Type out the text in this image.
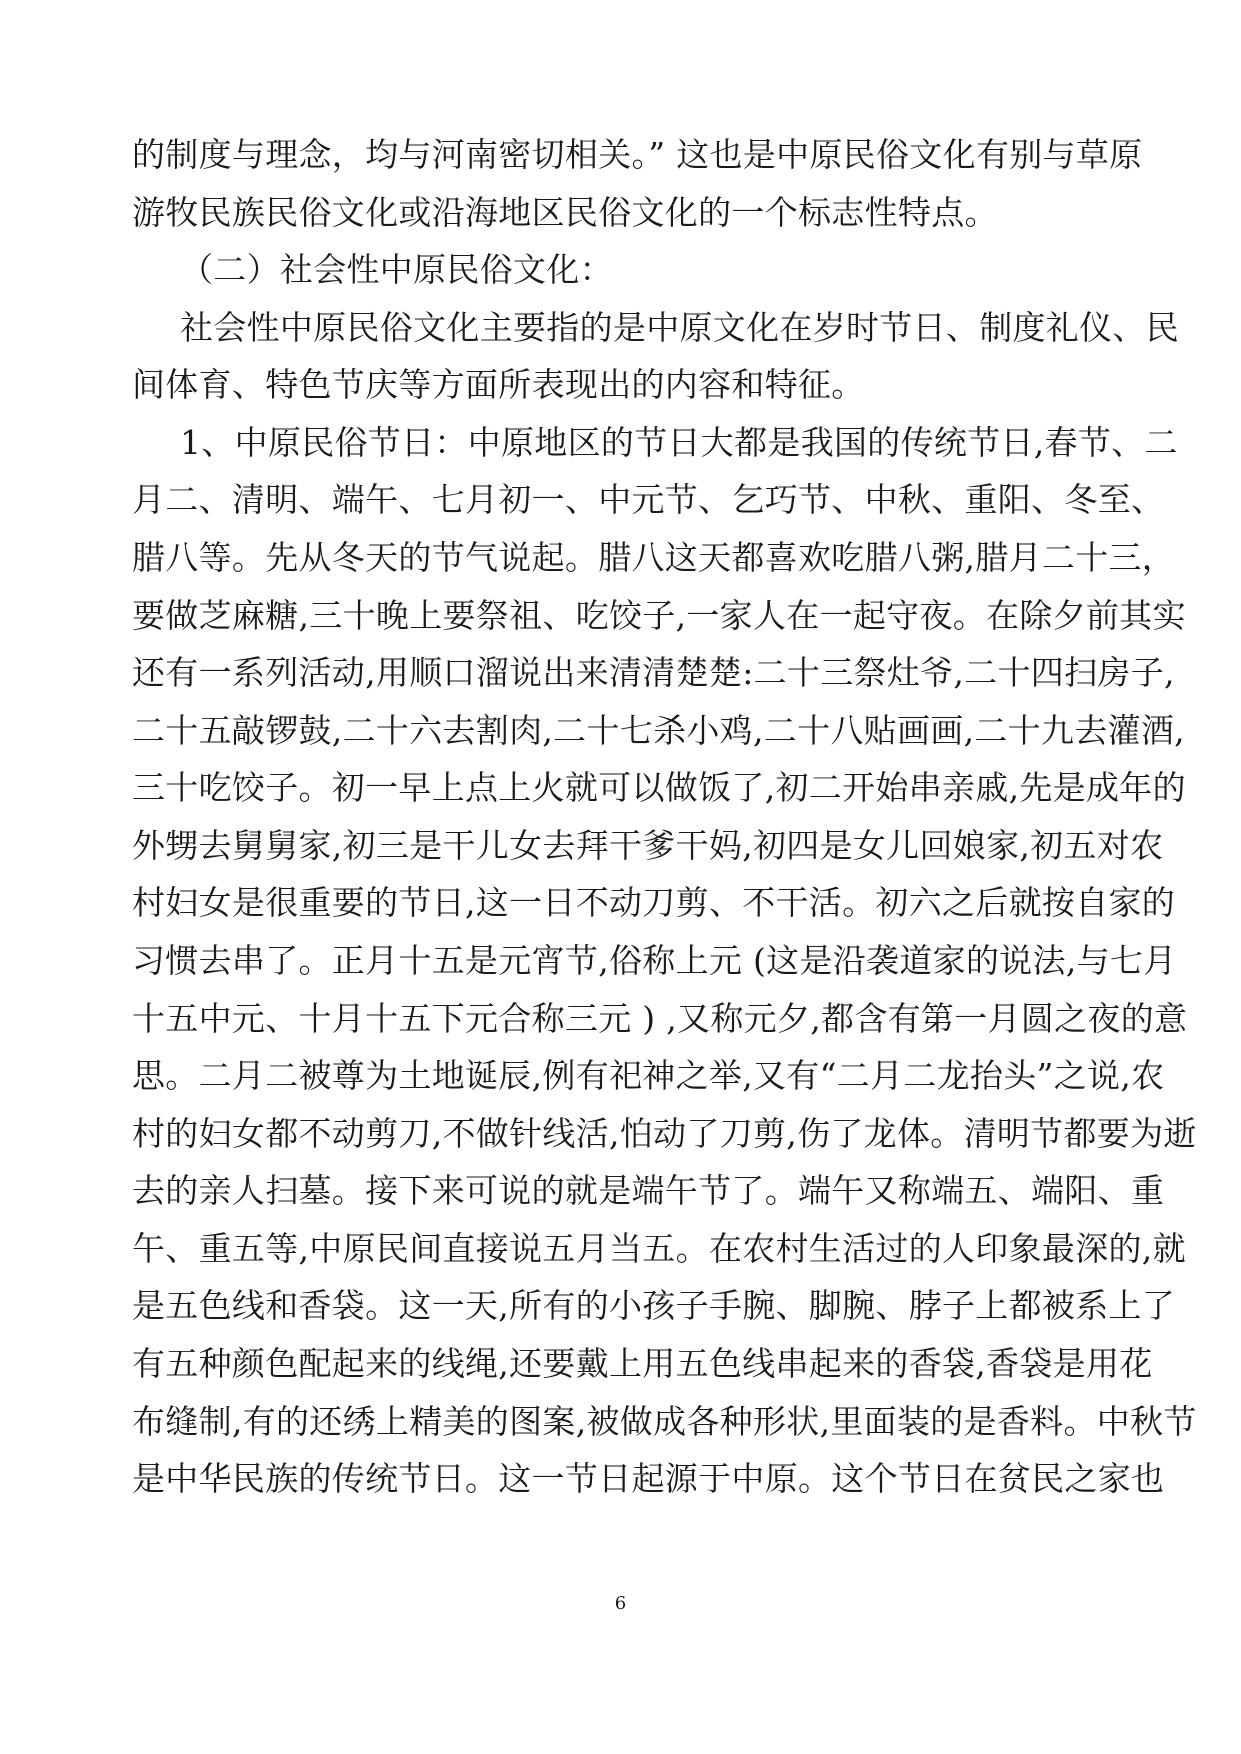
的制度与理念，均与河南密切相关。” 这也是中原民俗文化有别与草原
游牧民族民俗文化或沿海地区民俗文化的一个标志性特点。
（二）社会性中原民俗文化：
社会性中原民俗文化主要指的是中原文化在岁时节日、制度礼仪、民
间体育、特色节庆等方面所表现出的内容和特征。
1、中原民俗节日：中原地区的节日大都是我国的传统节日,春节、二
月二、清明、端午、七月初一、中元节、乞巧节、中秋、重阳、冬至、
腊八等。先从冬天的节气说起。腊八这天都喜欢吃腊八粥,腊月二十三，
要做芝麻糖,三十晚上要祭祖、吃饺子,一家人在一起守夜。在除夕前其实
还有一系列活动,用顺口溜说出来清清楚楚:二十三祭灶爷,二十四扫房子,
二十五敲锣鼓,二十六去割肉,二十七杀小鸡,二十八贴画画,二十九去灌酒,
三十吃饺子。初一早上点上火就可以做饭了,初二开始串亲戚,先是成年的
外甥去舅舅家,初三是干儿女去拜干爹干妈,初四是女儿回娘家,初五对农
村妇女是很重要的节日,这一日不动刀剪、不干活。初六之后就按自家的
习惯去串了。正月十五是元宵节,俗称上元 (这是沿袭道家的说法,与七月
十五中元、十月十五下元合称三元 ) ,又称元夕,都含有第一月圆之夜的意
思。二月二被尊为土地诞辰,例有祀神之举,又有“二月二龙抬头”之说,农
村的妇女都不动剪刀,不做针线活,怕动了刀剪,伤了龙体。清明节都要为逝
去的亲人扫墓。接下来可说的就是端午节了。端午又称端五、端阳、重
午、重五等,中原民间直接说五月当五。在农村生活过的人印象最深的,就
是五色线和香袋。这一天,所有的小孩子手腕、脚腕、脖子上都被系上了
有五种颜色配起来的线绳,还要戴上用五色线串起来的香袋,香袋是用花
布缝制,有的还绣上精美的图案,被做成各种形状,里面装的是香料。中秋节
是中华民族的传统节日。这一节日起源于中原。这个节日在贫民之家也
6
